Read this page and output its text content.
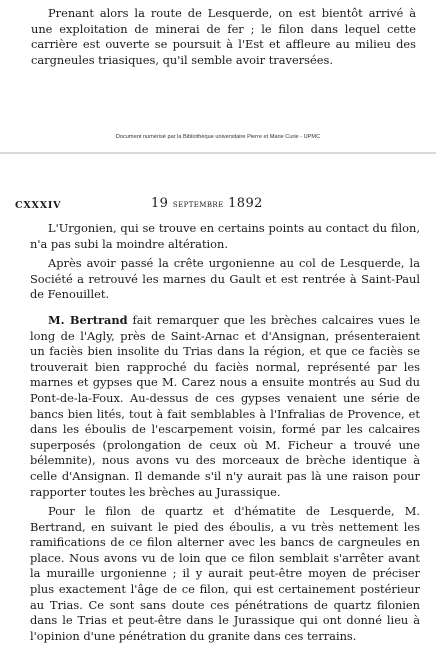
Prenant alors la route de Lesquerde, on est bientôt arrivé à une exploitation de minerai de fer ; le filon dans lequel cette carrière est ouverte se poursuit à l'Est et affleure au milieu des cargneules triasiques, qu'il semble avoir traversées.

Document numérisé par la Bibliothèque universitaire Pierre et Marie Curie - UPMC
CXXXIV	19 septembre 1892

L'Urgonien, qui se trouve en certains points au contact du filon, n'a pas subi la moindre altération.

Après avoir passé la crête urgonienne au col de Lesquerde, la Société a retrouvé les marnes du Gault et est rentrée à Saint-Paul de Fenouillet.

M. Bertrand fait remarquer que les brèches calcaires vues le long de l'Agly, près de Saint-Arnac et d'Ansignan, présenteraient un faciès bien insolite du Trias dans la région, et que ce faciès se trouverait bien rapproché du faciès normal, représenté par les marnes et gypses que M. Carez nous a ensuite montrés au Sud du Pont-de-la-Foux. Au-dessus de ces gypses venaient une série de bancs bien lités, tout à fait semblables à l'Infralias de Provence, et dans les éboulis de l'escarpement voisin, formé par les calcaires superposés (prolongation de ceux où M. Ficheur a trouvé une bélemnite), nous avons vu des morceaux de brèche identique à celle d'Ansignan. Il demande s'il n'y aurait pas là une raison pour rapporter toutes les brèches au Jurassique.

Pour le filon de quartz et d'hématite de Lesquerde, M. Bertrand, en suivant le pied des éboulis, a vu très nettement les ramifications de ce filon alterner avec les bancs de cargneules en place. Nous avons vu de loin que ce filon semblait s'arrêter avant la muraille urgonienne ; il y aurait peut-être moyen de préciser plus exactement l'âge de ce filon, qui est certainement postérieur au Trias. Ce sont sans doute ces pénétrations de quartz filonien dans le Trias et peut-être dans le Jurassique qui ont donné lieu à l'opinion d'une pénétration du granite dans ces terrains.
